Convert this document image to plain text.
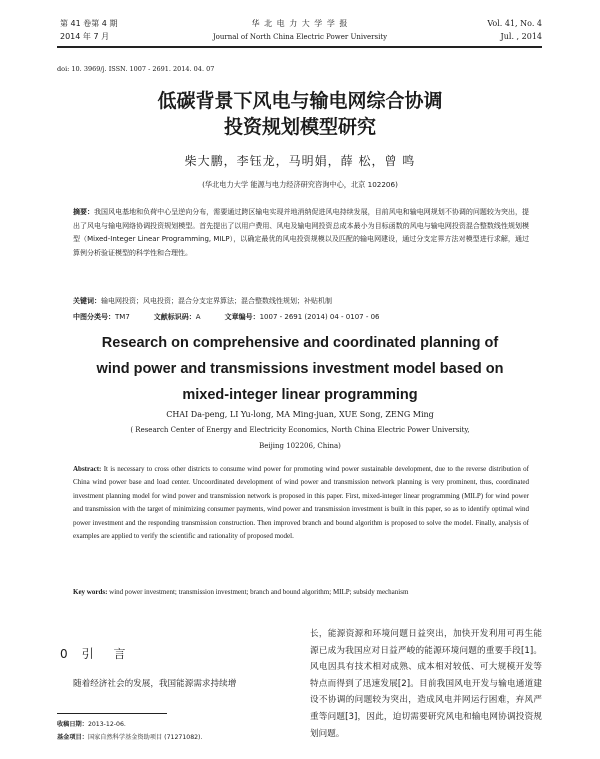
第 41 卷第 4 期
2014 年 7 月
华 北 电 力 大 学 学 报
Journal of North China Electric Power University
Vol. 41, No. 4
Jul. , 2014
doi: 10. 3969/j. ISSN. 1007 - 2691. 2014. 04. 07
低碳背景下风电与输电网综合协调
投资规划模型研究
柴大鹏，李钰龙，马明娟，薛 松，曾 鸣
(华北电力大学 能源与电力经济研究咨询中心，北京 102206)
摘要：我国风电基地和负荷中心呈逆向分布，需要通过跨区输电实现并地消纳促进风电持续发展，目前风电和输电网规划不协调的问题较为突出，提出了风电与输电网络协调投资规划模型。首先提出了以用户费用、风电及输电网投资总成本最小为目标函数的风电与输电网投资混合整数线性规划模型（Mixed-Integer Linear Programming, MILP），以确定最优的风电投资规模以及匹配的输电网建设，通过分支定界方法对模型进行求解，通过算例分析验证模型的科学性和合理性。
关键词：输电网投资；风电投资；混合分支定界算法；混合整数线性规划；补贴机制
中图分类号：TM7	文献标识码：A	文章编号：1007 - 2691 (2014) 04 - 0107 - 06
Research on comprehensive and coordinated planning of
wind power and transmissions investment model based on
mixed-integer linear programming
CHAI Da-peng, LI Yu-long, MA Ming-juan, XUE Song, ZENG Ming
( Research Center of Energy and Electricity Economics, North China Electric Power University,
Beijing 102206, China)
Abstract: It is necessary to cross other districts to consume wind power for promoting wind power sustainable development, due to the reverse distribution of China wind power base and load center. Uncoordinated development of wind power and transmission network planning is very prominent, thus, coordinated investment planning model for wind power and transmission network is proposed in this paper. First, mixed-integer linear programming (MILP) for wind power and transmission with the target of minimizing consumer payments, wind power and transmission investment is built in this paper, so as to identify optimal wind power investment and the responding transmission construction. Then improved branch and bound algorithm is proposed to solve the model. Finally, analysis of examples are applied to verify the scientific and rationality of proposed model.
Key words: wind power investment; transmission investment; branch and bound algorithm; MILP; subsidy mechanism
0 引 言
随着经济社会的发展，我国能源需求持续增
长，能源资源和环境问题日益突出，加快开发利用可再生能源已成为我国应对日益严峻的能源环境问题的重要手段[1]。风电因具有技术相对成熟、成本相对较低、可大规模开发等特点而得到了迅速发展[2]。目前我国风电开发与输电通道建设不协调的问题较为突出，造成风电并网运行困难，弃风严重等问题[3]，因此，迫切需要研究风电和输电网协调投资规划问题。
收稿日期：2013-12-06.
基金项目：国家自然科学基金资助项目 (71271082).
